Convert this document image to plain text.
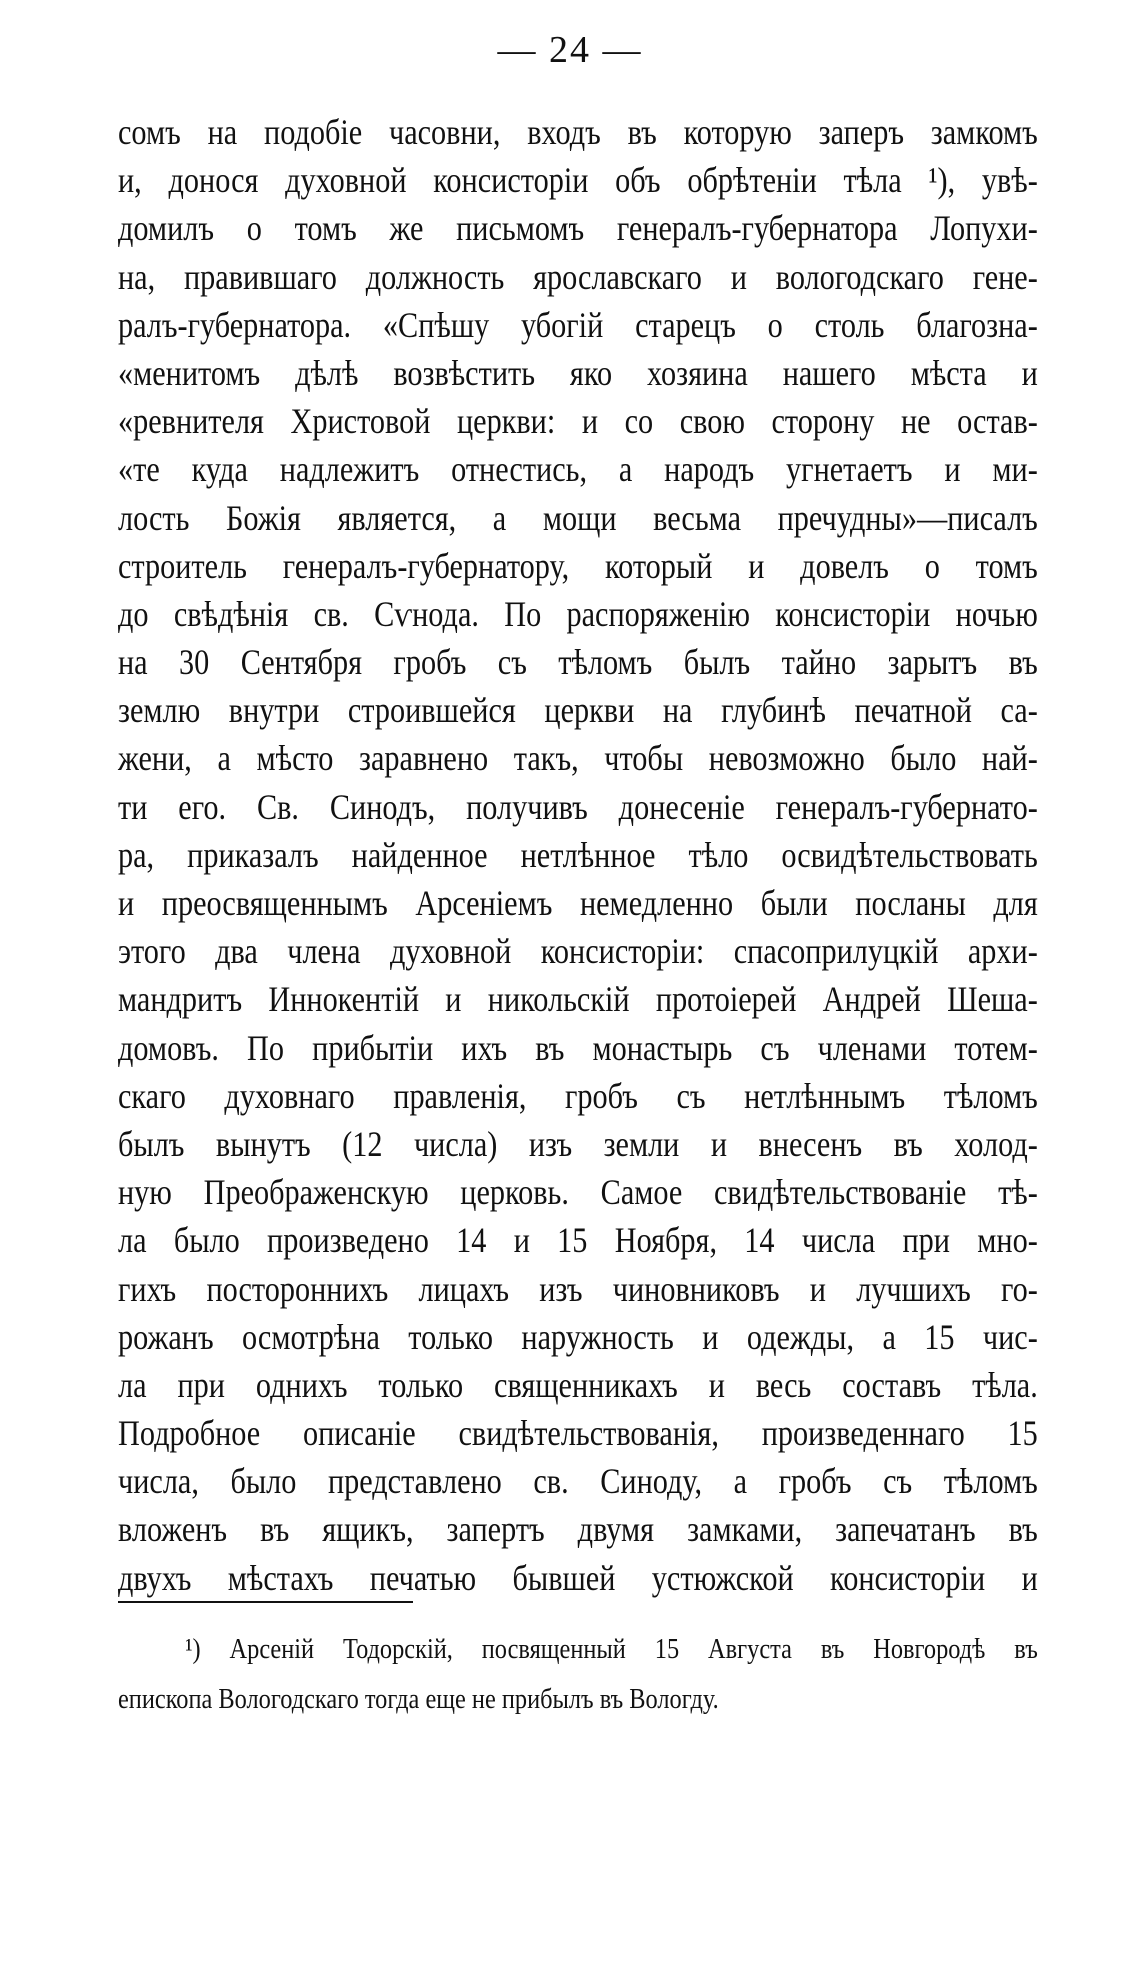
— 24 —
сомъ на подобіе часовни, входъ въ которую заперъ замкомъ
и, донося духовной консисторіи объ обрѣтеніи тѣла ¹), увѣ-
домилъ о томъ же письмомъ генералъ-губернатора Лопухи-
на, правившаго должность ярославскаго и вологодскаго гене-
ралъ-губернатора. «Спѣшу убогій старецъ о столь благозна-
«менитомъ дѣлѣ возвѣстить яко хозяина нашего мѣста и
«ревнителя Христовой церкви: и со свою сторону не остав-
«те куда надлежитъ отнестись, а народъ угнетаетъ и ми-
лость Божія является, а мощи весьма пречудны»—писалъ
строитель генералъ-губернатору, который и довелъ о томъ
до свѣдѣнія св. Сѵнода. По распоряженію консисторіи ночью
на 30 Сентября гробъ съ тѣломъ былъ тайно зарытъ въ
землю внутри строившейся церкви на глубинѣ печатной са-
жени, а мѣсто заравнено такъ, чтобы невозможно было най-
ти его. Св. Синодъ, получивъ донесеніе генералъ-губернато-
ра, приказалъ найденное нетлѣнное тѣло освидѣтельствовать
и преосвященнымъ Арсеніемъ немедленно были посланы для
этого два члена духовной консисторіи: спасоприлуцкій архи-
мандритъ Иннокентій и никольскій протоіерей Андрей Шеша-
домовъ. По прибытіи ихъ въ монастырь съ членами тотем-
скаго духовнаго правленія, гробъ съ нетлѣннымъ тѣломъ
былъ вынутъ (12 числа) изъ земли и внесенъ въ холод-
ную Преображенскую церковь. Самое свидѣтельствованіе тѣ-
ла было произведено 14 и 15 Ноября, 14 числа при мно-
гихъ постороннихъ лицахъ изъ чиновниковъ и лучшихъ го-
рожанъ осмотрѣна только наружность и одежды, а 15 чис-
ла при однихъ только священникахъ и весь составъ тѣла.
Подробное описаніе свидѣтельствованія, произведеннаго 15
числа, было представлено св. Синоду, а гробъ съ тѣломъ
вложенъ въ ящикъ, запертъ двумя замками, запечатанъ въ
двухъ мѣстахъ печатью бывшей устюжской консисторіи и
¹) Арсеній Тодорскій, посвященный 15 Августа въ Новгородѣ въ
епископа Вологодскаго тогда еще не прибылъ въ Вологду.
